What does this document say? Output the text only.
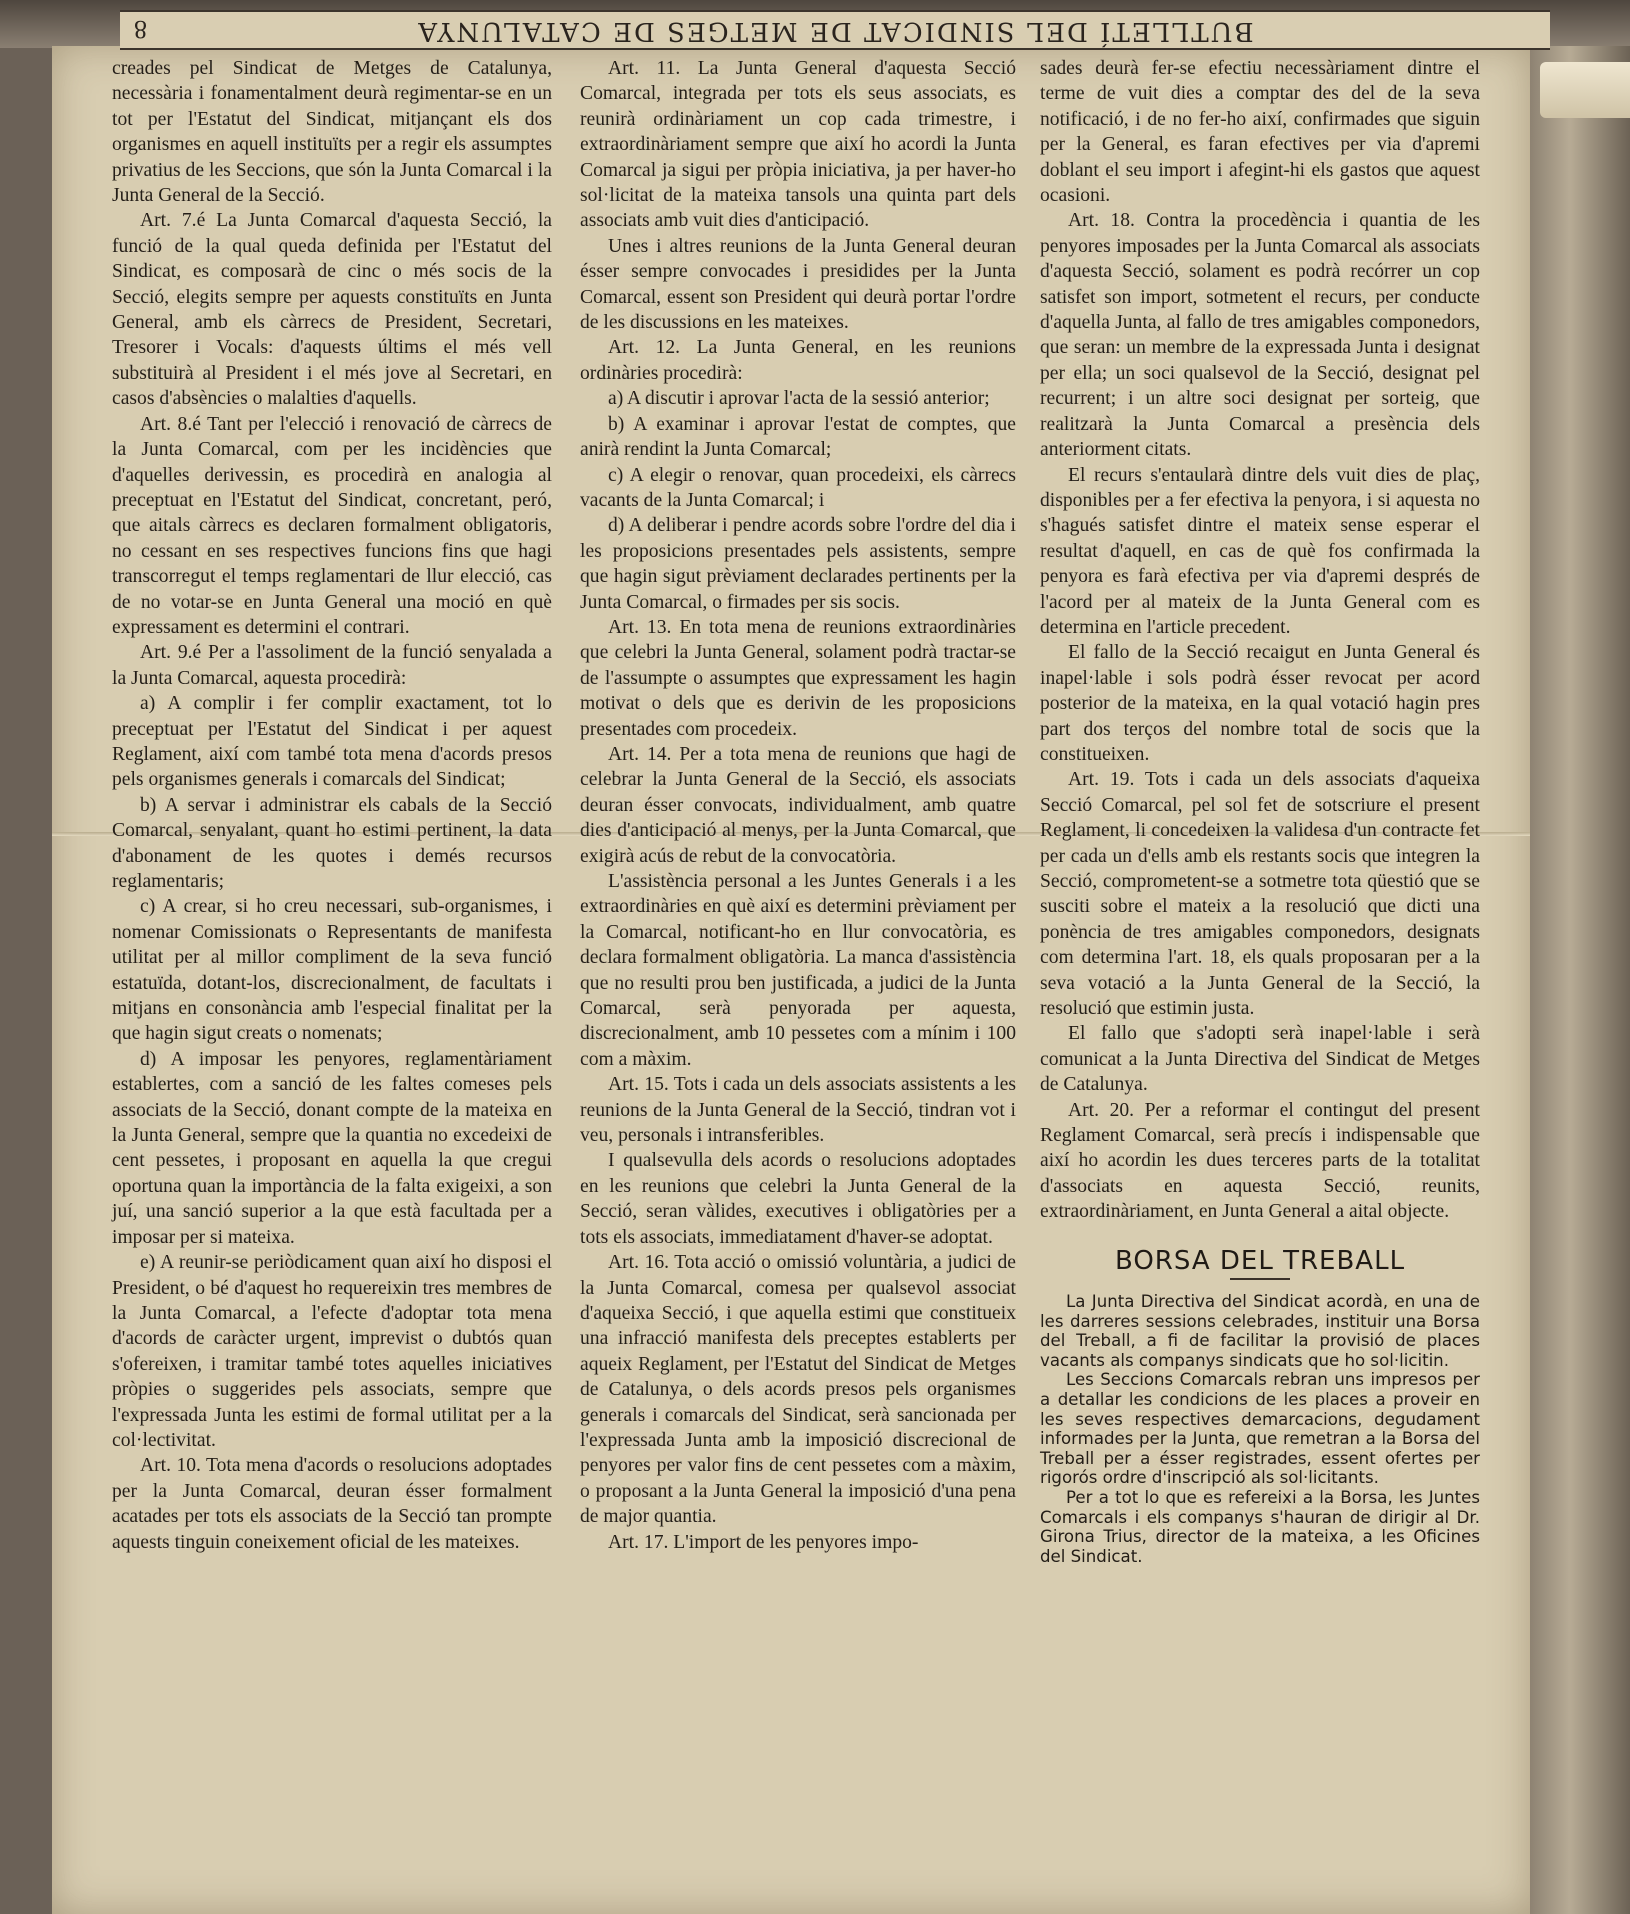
8	BUTLLETÍ DEL SINDICAT DE METGES DE CATALUNYA

creades pel Sindicat de Metges de Catalunya, necessària i fonamentalment deurà regimentar-se en un tot per l'Estatut del Sindicat, mitjançant els dos organismes en aquell instituïts per a regir els assumptes privatius de les Seccions, que són la Junta Comarcal i la Junta General de la Secció.

Art. 7.é La Junta Comarcal d'aquesta Secció, la funció de la qual queda definida per l'Estatut del Sindicat, es composarà de cinc o més socis de la Secció, elegits sempre per aquests constituïts en Junta General, amb els càrrecs de President, Secretari, Tresorer i Vocals: d'aquests últims el més vell substituirà al President i el més jove al Secretari, en casos d'absències o malalties d'aquells.

Art. 8.é Tant per l'elecció i renovació de càrrecs de la Junta Comarcal, com per les incidències que d'aquelles derivessin, es procedirà en analogia al preceptuat en l'Estatut del Sindicat, concretant, peró, que aitals càrrecs es declaren formalment obligatoris, no cessant en ses respectives funcions fins que hagi transcorregut el temps reglamentari de llur elecció, cas de no votar-se en Junta General una moció en què expressament es determini el contrari.

Art. 9.é Per a l'assoliment de la funció senyalada a la Junta Comarcal, aquesta procedirà:

a) A complir i fer complir exactament, tot lo preceptuat per l'Estatut del Sindicat i per aquest Reglament, així com també tota mena d'acords presos pels organismes generals i comarcals del Sindicat;

b) A servar i administrar els cabals de la Secció Comarcal, senyalant, quant ho estimi pertinent, la data d'abonament de les quotes i demés recursos reglamentaris;

c) A crear, si ho creu necessari, sub-organismes, i nomenar Comissionats o Representants de manifesta utilitat per al millor compliment de la seva funció estatuïda, dotant-los, discrecionalment, de facultats i mitjans en consonància amb l'especial finalitat per la que hagin sigut creats o nomenats;

d) A imposar les penyores, reglamentàriament establertes, com a sanció de les faltes comeses pels associats de la Secció, donant compte de la mateixa en la Junta General, sempre que la quantia no excedeixi de cent pessetes, i proposant en aquella la que cregui oportuna quan la importància de la falta exigeixi, a son juí, una sanció superior a la que està facultada per a imposar per si mateixa.

e) A reunir-se periòdicament quan així ho disposi el President, o bé d'aquest ho requereixin tres membres de la Junta Comarcal, a l'efecte d'adoptar tota mena d'acords de caràcter urgent, imprevist o dubtós quan s'ofereixen, i tramitar també totes aquelles iniciatives pròpies o suggerides pels associats, sempre que l'expressada Junta les estimi de formal utilitat per a la col·lectivitat.

Art. 10. Tota mena d'acords o resolucions adoptades per la Junta Comarcal, deuran ésser formalment acatades per tots els associats de la Secció tan prompte aquests tinguin coneixement oficial de les mateixes.

Art. 11. La Junta General d'aquesta Secció Comarcal, integrada per tots els seus associats, es reunirà ordinàriament un cop cada trimestre, i extraordinàriament sempre que així ho acordi la Junta Comarcal ja sigui per pròpia iniciativa, ja per haver-ho sol·licitat de la mateixa tansols una quinta part dels associats amb vuit dies d'anticipació.

Unes i altres reunions de la Junta General deuran ésser sempre convocades i presidides per la Junta Comarcal, essent son President qui deurà portar l'ordre de les discussions en les mateixes.

Art. 12. La Junta General, en les reunions ordinàries procedirà:

a) A discutir i aprovar l'acta de la sessió anterior;

b) A examinar i aprovar l'estat de comptes, que anirà rendint la Junta Comarcal;

c) A elegir o renovar, quan procedeixi, els càrrecs vacants de la Junta Comarcal; i

d) A deliberar i pendre acords sobre l'ordre del dia i les proposicions presentades pels assistents, sempre que hagin sigut prèviament declarades pertinents per la Junta Comarcal, o firmades per sis socis.

Art. 13. En tota mena de reunions extraordinàries que celebri la Junta General, solament podrà tractar-se de l'assumpte o assumptes que expressament les hagin motivat o dels que es derivin de les proposicions presentades com procedeix.

Art. 14. Per a tota mena de reunions que hagi de celebrar la Junta General de la Secció, els associats deuran ésser convocats, individualment, amb quatre dies d'anticipació al menys, per la Junta Comarcal, que exigirà acús de rebut de la convocatòria.

L'assistència personal a les Juntes Generals i a les extraordinàries en què així es determini prèviament per la Comarcal, notificant-ho en llur convocatòria, es declara formalment obligatòria. La manca d'assistència que no resulti prou ben justificada, a judici de la Junta Comarcal, serà penyorada per aquesta, discrecionalment, amb 10 pessetes com a mínim i 100 com a màxim.

Art. 15. Tots i cada un dels associats assistents a les reunions de la Junta General de la Secció, tindran vot i veu, personals i intransferibles.

I qualsevulla dels acords o resolucions adoptades en les reunions que celebri la Junta General de la Secció, seran vàlides, executives i obligatòries per a tots els associats, immediatament d'haver-se adoptat.

Art. 16. Tota acció o omissió voluntària, a judici de la Junta Comarcal, comesa per qualsevol associat d'aqueixa Secció, i que aquella estimi que constitueix una infracció manifesta dels preceptes establerts per aqueix Reglament, per l'Estatut del Sindicat de Metges de Catalunya, o dels acords presos pels organismes generals i comarcals del Sindicat, serà sancionada per l'expressada Junta amb la imposició discrecional de penyores per valor fins de cent pessetes com a màxim, o proposant a la Junta General la imposició d'una pena de major quantia.

Art. 17. L'import de les penyores impo-

sades deurà fer-se efectiu necessàriament dintre el terme de vuit dies a comptar des del de la seva notificació, i de no fer-ho així, confirmades que siguin per la General, es faran efectives per via d'apremi doblant el seu import i afegint-hi els gastos que aquest ocasioni.

Art. 18. Contra la procedència i quantia de les penyores imposades per la Junta Comarcal als associats d'aquesta Secció, solament es podrà recórrer un cop satisfet son import, sotmetent el recurs, per conducte d'aquella Junta, al fallo de tres amigables componedors, que seran: un membre de la expressada Junta i designat per ella; un soci qualsevol de la Secció, designat pel recurrent; i un altre soci designat per sorteig, que realitzarà la Junta Comarcal a presència dels anteriorment citats.

El recurs s'entaularà dintre dels vuit dies de plaç, disponibles per a fer efectiva la penyora, i si aquesta no s'hagués satisfet dintre el mateix sense esperar el resultat d'aquell, en cas de què fos confirmada la penyora es farà efectiva per via d'apremi després de l'acord per al mateix de la Junta General com es determina en l'article precedent.

El fallo de la Secció recaigut en Junta General és inapel·lable i sols podrà ésser revocat per acord posterior de la mateixa, en la qual votació hagin pres part dos terços del nombre total de socis que la constitueixen.

Art. 19. Tots i cada un dels associats d'aqueixa Secció Comarcal, pel sol fet de sotscriure el present Reglament, li concedeixen la validesa d'un contracte fet per cada un d'ells amb els restants socis que integren la Secció, comprometent-se a sotmetre tota qüestió que se susciti sobre el mateix a la resolució que dicti una ponència de tres amigables componedors, designats com determina l'art. 18, els quals proposaran per a la seva votació a la Junta General de la Secció, la resolució que estimin justa.

El fallo que s'adopti serà inapel·lable i serà comunicat a la Junta Directiva del Sindicat de Metges de Catalunya.

Art. 20. Per a reformar el contingut del present Reglament Comarcal, serà precís i indispensable que així ho acordin les dues terceres parts de la totalitat d'associats en aquesta Secció, reunits, extraordinàriament, en Junta General a aital objecte.

BORSA DEL TREBALL

La Junta Directiva del Sindicat acordà, en una de les darreres sessions celebrades, instituir una Borsa del Treball, a fi de facilitar la provisió de places vacants als companys sindicats que ho sol·licitin.

Les Seccions Comarcals rebran uns impresos per a detallar les condicions de les places a proveir en les seves respectives demarcacions, degudament informades per la Junta, que remetran a la Borsa del Treball per a ésser registrades, essent ofertes per rigorós ordre d'inscripció als sol·licitants.

Per a tot lo que es refereixi a la Borsa, les Juntes Comarcals i els companys s'hauran de dirigir al Dr. Girona Trius, director de la mateixa, a les Oficines del Sindicat.
